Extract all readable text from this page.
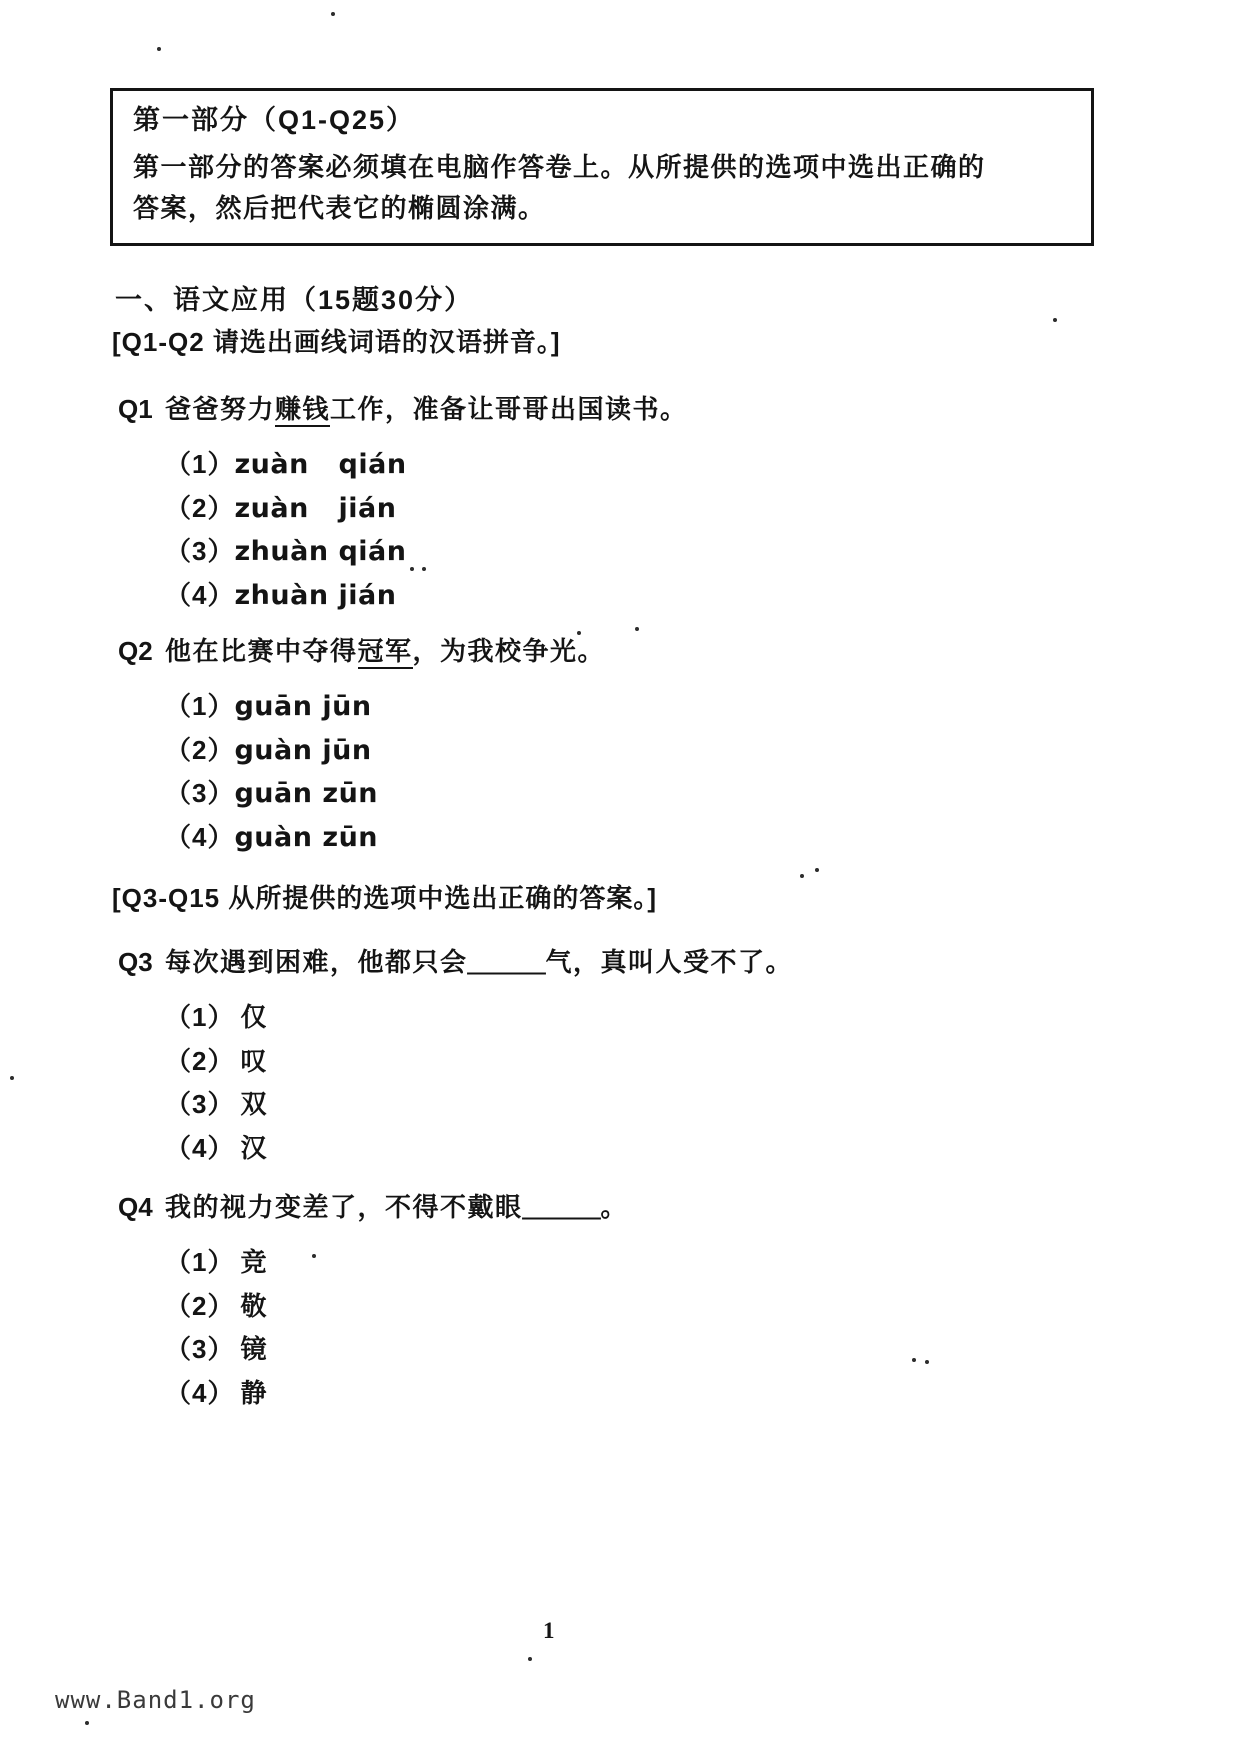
第一部分（Q1-Q25）
第一部分的答案必须填在电脑作答卷上。从所提供的选项中选出正确的
答案，然后把代表它的椭圆涂满。
一、语文应用（15题30分）
[Q1-Q2 请选出画线词语的汉语拼音。]
Q1 爸爸努力赚钱工作，准备让哥哥出国读书。
（1）zuàn   qián
（2）zuàn   jián
（3）zhuàn qián
（4）zhuàn jián
Q2 他在比赛中夺得冠军，为我校争光。
（1）guān jūn
（2）guàn jūn
（3）guān zūn
（4）guàn zūn
[Q3-Q15 从所提供的选项中选出正确的答案。]
Q3 每次遇到困难，他都只会＿＿＿气，真叫人受不了。
（1） 仅
（2） 叹
（3） 双
（4） 汉
Q4 我的视力变差了，不得不戴眼＿＿＿。
（1） 竞
（2） 敬
（3） 镜
（4） 静
1
www.Band1.org
